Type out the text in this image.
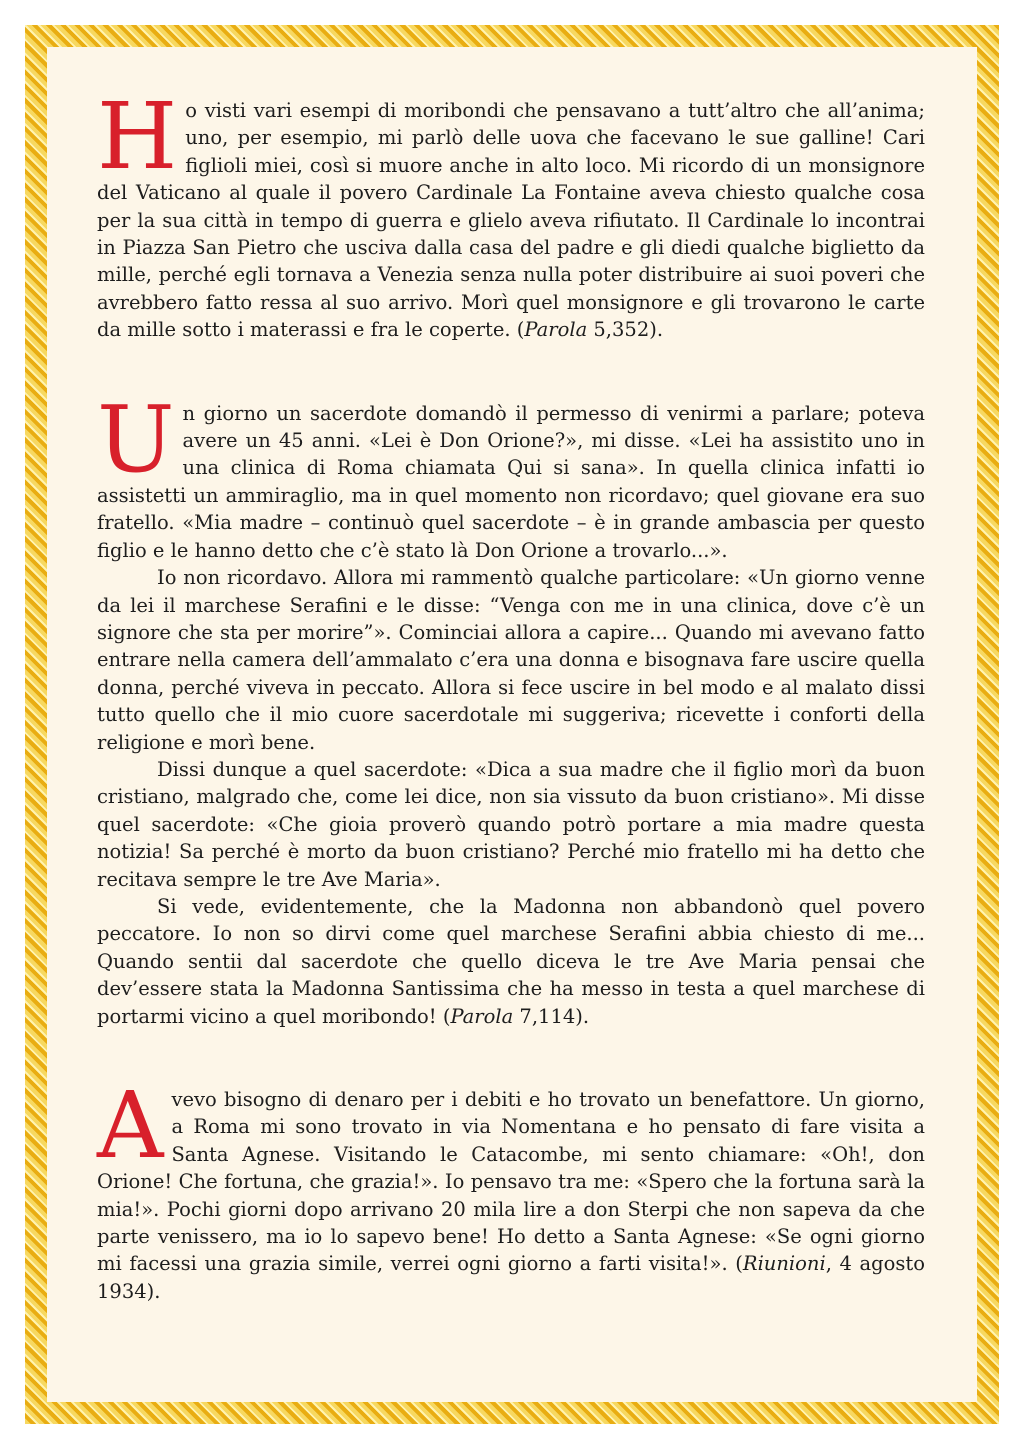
Ho visti vari esempi di moribondi che pensavano a tutt’altro che all’anima; uno, per esempio, mi parlò delle uova che facevano le sue galline! Cari figlioli miei, così si muore anche in alto loco. Mi ricordo di un monsignore del Vaticano al quale il povero Cardinale La Fontaine aveva chiesto qualche cosa per la sua città in tempo di guerra e glielo aveva rifiutato. Il Cardinale lo incontrai in Piazza San Pietro che usciva dalla casa del padre e gli diedi qualche biglietto da mille, perché egli tornava a Venezia senza nulla poter distribuire ai suoi poveri che avrebbero fatto ressa al suo arrivo. Morì quel monsignore e gli trovarono le carte da mille sotto i materassi e fra le coperte. (Parola 5,352).

Un giorno un sacerdote domandò il permesso di venirmi a parlare; poteva avere un 45 anni. «Lei è Don Orione?», mi disse. «Lei ha assistito uno in una clinica di Roma chiamata Qui si sana». In quella clinica infatti io assistetti un ammiraglio, ma in quel momento non ricordavo; quel giovane era suo fratello. «Mia madre – continuò quel sacerdote – è in grande ambascia per questo figlio e le hanno detto che c’è stato là Don Orione a trovarlo...».

Io non ricordavo. Allora mi rammentò qualche particolare: «Un giorno venne da lei il marchese Serafini e le disse: “Venga con me in una clinica, dove c’è un signore che sta per morire”». Cominciai allora a capire... Quando mi avevano fatto entrare nella camera dell’ammalato c’era una donna e bisognava fare uscire quella donna, perché viveva in peccato. Allora si fece uscire in bel modo e al malato dissi tutto quello che il mio cuore sacerdotale mi suggeriva; ricevette i conforti della religione e morì bene.

Dissi dunque a quel sacerdote: «Dica a sua madre che il figlio morì da buon cristiano, malgrado che, come lei dice, non sia vissuto da buon cristiano». Mi disse quel sacerdote: «Che gioia proverò quando potrò portare a mia madre questa notizia! Sa perché è morto da buon cristiano? Perché mio fratello mi ha detto che recitava sempre le tre Ave Maria».

Si vede, evidentemente, che la Madonna non abbandonò quel povero peccatore. Io non so dirvi come quel marchese Serafini abbia chiesto di me... Quando sentii dal sacerdote che quello diceva le tre Ave Maria pensai che dev’essere stata la Madonna Santissima che ha messo in testa a quel marchese di portarmi vicino a quel moribondo! (Parola 7,114).

Avevo bisogno di denaro per i debiti e ho trovato un benefattore. Un giorno, a Roma mi sono trovato in via Nomentana e ho pensato di fare visita a Santa Agnese. Visitando le Catacombe, mi sento chiamare: «Oh!, don Orione! Che fortuna, che grazia!». Io pensavo tra me: «Spero che la fortuna sarà la mia!». Pochi giorni dopo arrivano 20 mila lire a don Sterpi che non sapeva da che parte venissero, ma io lo sapevo bene! Ho detto a Santa Agnese: «Se ogni giorno mi facessi una grazia simile, verrei ogni giorno a farti visita!». (Riunioni, 4 agosto 1934).
